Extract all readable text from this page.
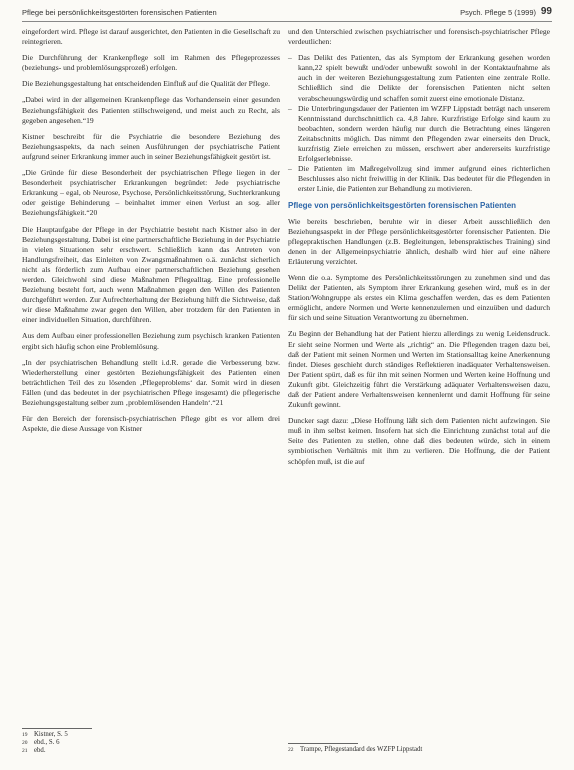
Pflege bei persönlichkeitsgestörten forensischen Patienten	Psych. Pflege 5 (1999) 99

eingefordert wird. Pflege ist darauf ausgerichtet, den Patienten in die Gesellschaft zu reintegrieren.

Die Durchführung der Krankenpflege soll im Rahmen des Pflegeprozesses (beziehungs- und problemlösungsprozeß) erfolgen.

Die Beziehungsgestaltung hat entscheidenden Einfluß auf die Qualität der Pflege.

„Dabei wird in der allgemeinen Krankenpflege das Vorhandensein einer gesunden Beziehungsfähigkeit des Patienten stillschweigend, und meist auch zu Recht, als gegeben angesehen.“19

Kistner beschreibt für die Psychiatrie die besondere Beziehung des Beziehungsaspekts, da nach seinen Ausführungen der psychiatrische Patient aufgrund seiner Erkrankung immer auch in seiner Beziehungsfähigkeit gestört ist.

„Die Gründe für diese Besonderheit der psychiatrischen Pflege liegen in der Besonderheit psychiatrischer Erkrankungen begründet: Jede psychiatrische Erkrankung – egal, ob Neurose, Psychose, Persönlichkeitsstörung, Suchterkrankung oder geistige Behinderung – beinhaltet immer einen Verlust an sog. aller Beziehungsfähigkeit.“20

Die Hauptaufgabe der Pflege in der Psychiatrie besteht nach Kistner also in der Beziehungsgestaltung. Dabei ist eine partnerschaftliche Beziehung in der Psychiatrie in vielen Situationen sehr erschwert. Schließlich kann das Antreten von Handlungsfreiheit, das Einleiten von Zwangsmaßnahmen o.ä. zunächst sicherlich nicht als förderlich zum Aufbau einer partnerschaftlichen Beziehung gesehen werden. Gleichwohl sind diese Maßnahmen Pflegealltag. Eine professionelle Beziehung besteht fort, auch wenn Maßnahmen gegen den Willen des Patienten durchgeführt werden. Zur Aufrechterhaltung der Beziehung hilft die Sichtweise, daß wir diese Maßnahme zwar gegen den Willen, aber trotzdem für den Patienten in einer individuellen Situation, durchführen.

Aus dem Aufbau einer professionellen Beziehung zum psychisch kranken Patienten ergibt sich häufig schon eine Problemlösung.

„In der psychiatrischen Behandlung stellt i.d.R. gerade die Verbesserung bzw. Wiederherstellung einer gestörten Beziehungsfähigkeit des Patienten einen beträchtlichen Teil des zu lösenden ‚Pflegeproblems‘ dar. Somit wird in diesen Fällen (und das bedeutet in der psychiatrischen Pflege insgesamt) die pflegerische Beziehungsgestaltung selber zum ‚problemlösenden Handeln‘.“21

Für den Bereich der forensisch-psychiatrischen Pflege gibt es vor allem drei Aspekte, die diese Aussage von Kistner

und den Unterschied zwischen psychiatrischer und forensisch-psychiatrischer Pflege verdeutlichen:

– Das Delikt des Patienten, das als Symptom der Erkrankung gesehen worden kann,22 spielt bewußt und/oder unbewußt sowohl in der Kontaktaufnahme als auch in der weiteren Beziehungsgestaltung zum Patienten eine zentrale Rolle. Schließlich sind die Delikte der forensischen Patienten nicht selten verabscheuungswürdig und schaffen somit zuerst eine emotionale Distanz.
– Die Unterbringungsdauer der Patienten im WZFP Lippstadt beträgt nach unserem Kenntnisstand durchschnittlich ca. 4,8 Jahre. Kurzfristige Erfolge sind kaum zu beobachten, sondern werden häufig nur durch die Betrachtung eines längeren Zeitabschnitts möglich. Das nimmt den Pflegenden zwar einerseits den Druck, kurzfristig Ziele erreichen zu müssen, erschwert aber andererseits kurzfristige Erfolgserlebnisse.
– Die Patienten im Maßregelvollzug sind immer aufgrund eines richterlichen Beschlusses also nicht freiwillig in der Klinik. Das bedeutet für die Pflegenden in erster Linie, die Patienten zur Behandlung zu motivieren.
Pflege von persönlichkeitsgestörten forensischen Patienten

Wie bereits beschrieben, beruhte wir in dieser Arbeit ausschließlich den Beziehungsaspekt in der Pflege persönlichkeitsgestörter forensischer Patienten. Die pflegepraktischen Handlungen (z.B. Begleitungen, lebenspraktisches Training) sind denen in der Allgemeinpsychiatrie ähnlich, deshalb wird hier auf eine nähere Erläuterung verzichtet.

Wenn die o.a. Symptome des Persönlichkeitsstörungen zu zunehmen sind und das Delikt der Patienten, als Symptom ihrer Erkrankung gesehen wird, muß es in der Station/Wohngruppe als erstes ein Klima geschaffen werden, das es dem Patienten ermöglicht, andere Normen und Werte kennenzulernen und einzuüben und dadurch für sich und seine Situation Verantwortung zu übernehmen.

Zu Beginn der Behandlung hat der Patient hierzu allerdings zu wenig Leidensdruck. Er sieht seine Normen und Werte als „richtig“ an. Die Pflegenden tragen dazu bei, daß der Patient mit seinen Normen und Werten im Stationsalltag keine Anerkennung findet. Dieses geschieht durch ständiges Reflektieren inadäquater Verhaltensweisen. Der Patient spürt, daß es für ihn mit seinen Normen und Werten keine Hoffnung und Zukunft gibt. Gleichzeitig führt die Verstärkung adäquater Verhaltensweisen dazu, daß der Patient andere Verhaltensweisen kennenlernt und damit Hoffnung für seine Zukunft gewinnt.

Duncker sagt dazu: „Diese Hoffnung läßt sich dem Patienten nicht aufzwingen. Sie muß in ihm selbst keimen. Insofern hat sich die Einrichtung zunächst total auf die Seite des Patienten zu stellen, ohne daß dies bedeuten würde, sich in einem symbiotischen Verhältnis mit ihm zu verlieren. Die Hoffnung, die der Patient schöpfen muß, ist die auf

19 Kistner, S. 5
20 ebd., S. 6
21 ebd.	22 Trampe, Pflegestandard des WZFP Lippstadt
